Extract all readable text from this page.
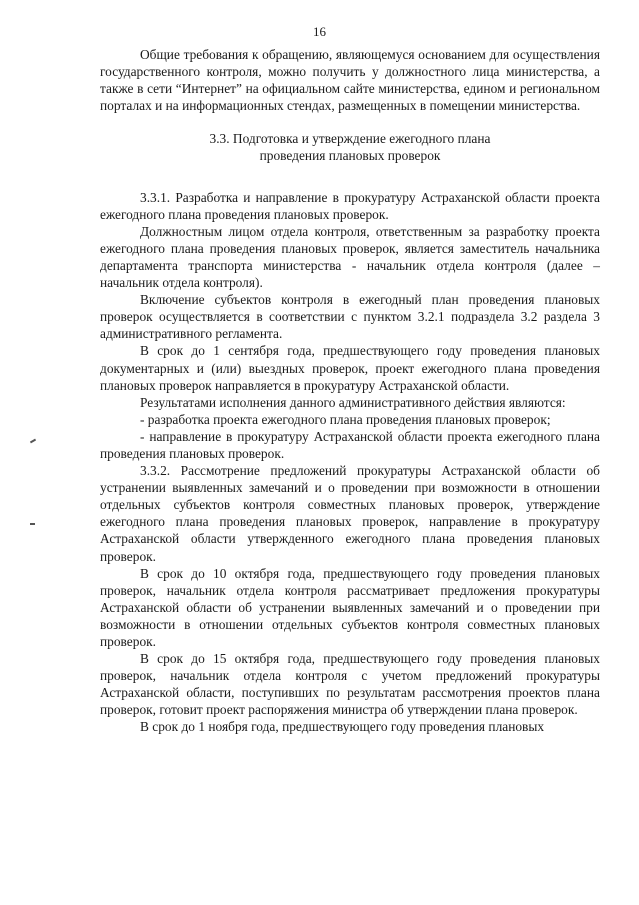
16

Общие требования к обращению, являющемуся основанием для осуществления государственного контроля, можно получить у должностного лица министерства, а также в сети “Интернет” на официальном сайте министерства, едином и региональном порталах и на информационных стендах, размещенных в помещении министерства.

3.3. Подготовка и утверждение ежегодного плана
проведения плановых проверок

3.3.1. Разработка и направление в прокуратуру Астраханской области проекта ежегодного плана проведения плановых проверок.

Должностным лицом отдела контроля, ответственным за разработку проекта ежегодного плана проведения плановых проверок, является заместитель начальника департамента транспорта министерства - начальник отдела контроля (далее – начальник отдела контроля).

Включение субъектов контроля в ежегодный план проведения плановых проверок осуществляется в соответствии с пунктом 3.2.1 подраздела 3.2 раздела 3 административного регламента.

В срок до 1 сентября года, предшествующего году проведения плановых документарных и (или) выездных проверок, проект ежегодного плана проведения плановых проверок направляется в прокуратуру Астраханской области.

Результатами исполнения данного административного действия являются:

- разработка проекта ежегодного плана проведения плановых проверок;

- направление в прокуратуру Астраханской области проекта ежегодного плана проведения плановых проверок.

3.3.2. Рассмотрение предложений прокуратуры Астраханской области об устранении выявленных замечаний и о проведении при возможности в отношении отдельных субъектов контроля совместных плановых проверок, утверждение ежегодного плана проведения плановых проверок, направление в прокуратуру Астраханской области утвержденного ежегодного плана проведения плановых проверок.

В срок до 10 октября года, предшествующего году проведения плановых проверок, начальник отдела контроля рассматривает предложения прокуратуры Астраханской области об устранении выявленных замечаний и о проведении при возможности в отношении отдельных субъектов контроля совместных плановых проверок.

В срок до 15 октября года, предшествующего году проведения плановых проверок, начальник отдела контроля с учетом предложений прокуратуры Астраханской области, поступивших по результатам рассмотрения проектов плана проверок, готовит проект распоряжения министра об утверждении плана проверок.

В срок до 1 ноября года, предшествующего году проведения плановых
